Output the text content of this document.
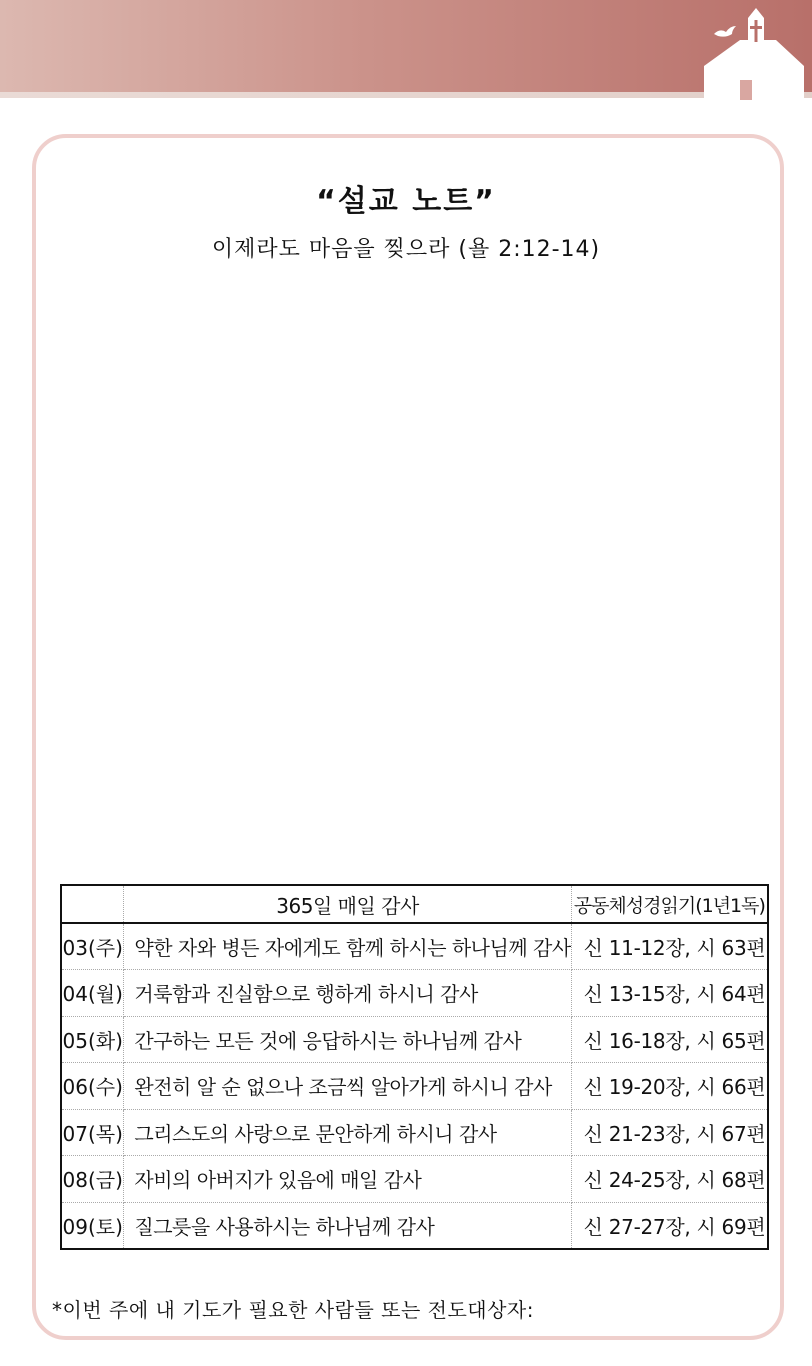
“설교 노트”
이제라도 마음을 찢으라 (욜 2:12-14)
	365일 매일 감사	공동체성경읽기(1년1독)
03(주)	약한 자와 병든 자에게도 함께 하시는 하나님께 감사	신 11-12장, 시 63편
04(월)	거룩함과 진실함으로 행하게 하시니 감사	신 13-15장, 시 64편
05(화)	간구하는 모든 것에 응답하시는 하나님께 감사	신 16-18장, 시 65편
06(수)	완전히 알 순 없으나 조금씩 알아가게 하시니 감사	신 19-20장, 시 66편
07(목)	그리스도의 사랑으로 문안하게 하시니 감사	신 21-23장, 시 67편
08(금)	자비의 아버지가 있음에 매일 감사	신 24-25장, 시 68편
09(토)	질그릇을 사용하시는 하나님께 감사	신 27-27장, 시 69편
*이번 주에 내 기도가 필요한 사람들 또는 전도대상자:
